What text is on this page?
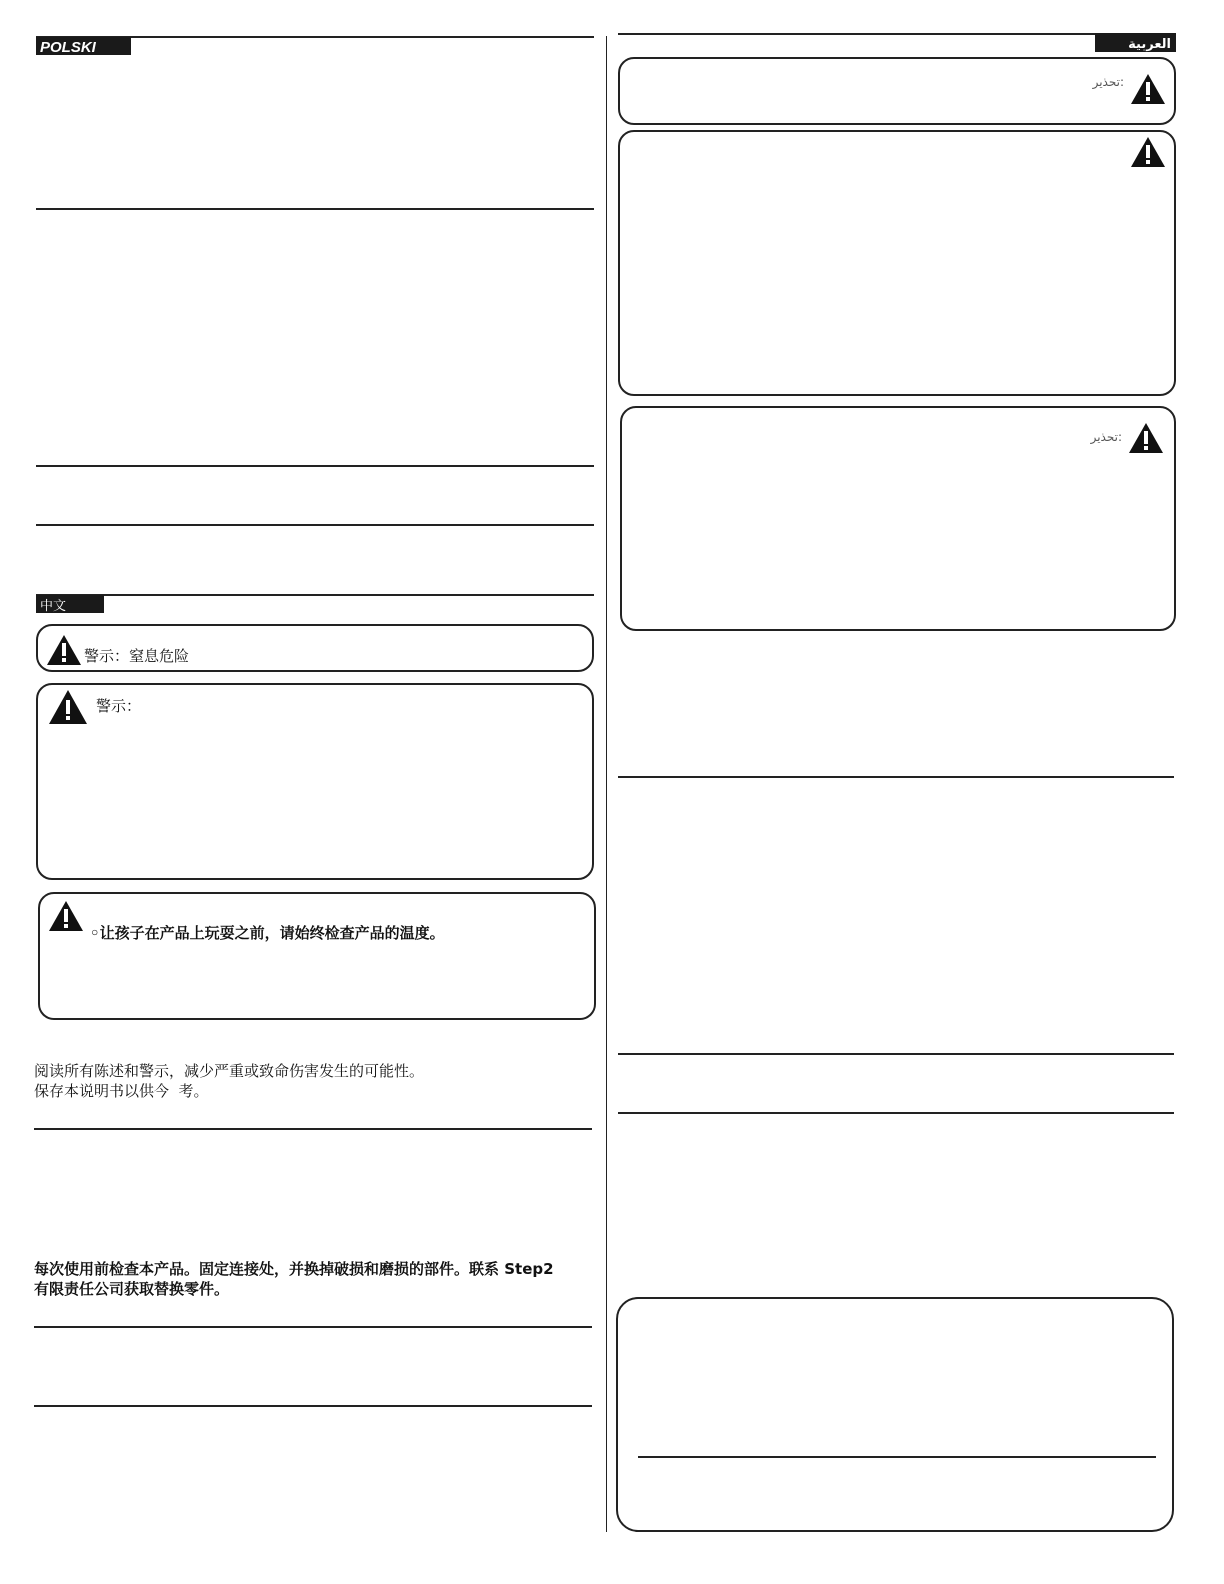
POLSKI
中文
警示：窒息危险
警示：
◦让孩子在产品上玩耍之前，请始终检查产品的温度。
阅读所有陈述和警示，减少严重或致命伤害发生的可能性。
保存本说明书以供今  考。
每次使用前检查本产品。固定连接处，并换掉破损和磨损的部件。联系 Step2
有限责任公司获取替换零件。
العربية
تحذير:
تحذير:
